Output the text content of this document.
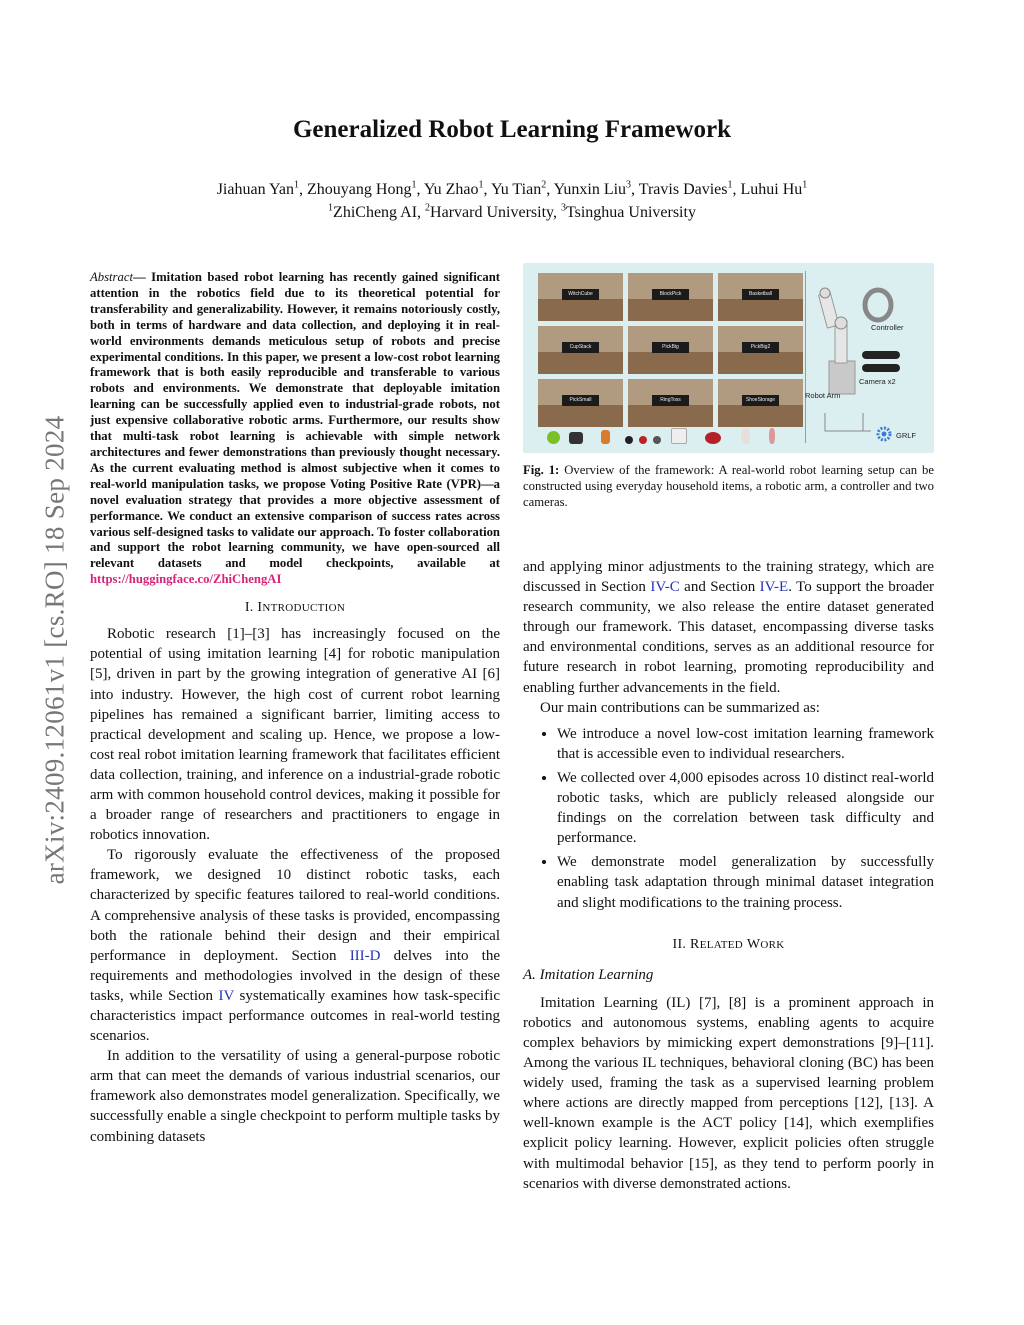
arXiv:2409.12061v1 [cs.RO] 18 Sep 2024
Generalized Robot Learning Framework
Jiahuan Yan$^1$, Zhouyang Hong$^1$, Yu Zhao$^1$, Yu Tian$^2$, Yunxin Liu$^3$, Travis Davies$^1$, Luhui Hu$^1$
$^1$ZhiCheng AI, $^2$Harvard University, $^3$Tsinghua University
Abstract— Imitation based robot learning has recently gained significant attention in the robotics field due to its theoretical potential for transferability and generalizability. However, it remains notoriously costly, both in terms of hardware and data collection, and deploying it in real-world environments demands meticulous setup of robots and precise experimental conditions. In this paper, we present a low-cost robot learning framework that is both easily reproducible and transferable to various robots and environments. We demonstrate that deployable imitation learning can be successfully applied even to industrial-grade robots, not just expensive collaborative robotic arms. Furthermore, our results show that multi-task robot learning is achievable with simple network architectures and fewer demonstrations than previously thought necessary. As the current evaluating method is almost subjective when it comes to real-world manipulation tasks, we propose Voting Positive Rate (VPR)—a novel evaluation strategy that provides a more objective assessment of performance. We conduct an extensive comparison of success rates across various self-designed tasks to validate our approach. To foster collaboration and support the robot learning community, we have open-sourced all relevant datasets and model checkpoints, available at https://huggingface.co/ZhiChengAI
I. INTRODUCTION

Robotic research [1]–[3] has increasingly focused on the potential of using imitation learning [4] for robotic manipulation [5], driven in part by the growing integration of generative AI [6] into industry. However, the high cost of current robot learning pipelines has remained a significant barrier, limiting access to practical development and scaling up. Hence, we propose a low-cost real robot imitation learning framework that facilitates efficient data collection, training, and inference on a industrial-grade robotic arm with common household control devices, making it possible for a broader range of researchers and practitioners to engage in robotics innovation.

To rigorously evaluate the effectiveness of the proposed framework, we designed 10 distinct robotic tasks, each characterized by specific features tailored to real-world conditions. A comprehensive analysis of these tasks is provided, encompassing both the rationale behind their design and their empirical performance in deployment. Section III-D delves into the requirements and methodologies involved in the design of these tasks, while Section IV systematically examines how task-specific characteristics impact performance outcomes in real-world testing scenarios.

In addition to the versatility of using a general-purpose robotic arm that can meet the demands of various industrial scenarios, our framework also demonstrates model generalization. Specifically, we successfully enable a single checkpoint to perform multiple tasks by combining datasets

WitchCube	BlockPick	Basketball
CupStack	PickBig	PickBig2
PickSmall	RingToss	ShoeStorage
Robot Arm
Controller
Camera x2
GRLF
Fig. 1: Overview of the framework: A real-world robot learning setup can be constructed using everyday household items, a robotic arm, a controller and two cameras.

and applying minor adjustments to the training strategy, which are discussed in Section IV-C and Section IV-E. To support the broader research community, we also release the entire dataset generated through our framework. This dataset, encompassing diverse tasks and environmental conditions, serves as an additional resource for future research in robot learning, promoting reproducibility and enabling further advancements in the field.

Our main contributions can be summarized as:

• We introduce a novel low-cost imitation learning framework that is accessible even to individual researchers.
• We collected over 4,000 episodes across 10 distinct real-world robotic tasks, which are publicly released alongside our findings on the correlation between task difficulty and performance.
• We demonstrate model generalization by successfully enabling task adaptation through minimal dataset integration and slight modifications to the training process.
II. RELATED WORK
A. Imitation Learning

Imitation Learning (IL) [7], [8] is a prominent approach in robotics and autonomous systems, enabling agents to acquire complex behaviors by mimicking expert demonstrations [9]–[11]. Among the various IL techniques, behavioral cloning (BC) has been widely used, framing the task as a supervised learning problem where actions are directly mapped from perceptions [12], [13]. A well-known example is the ACT policy [14], which exemplifies explicit policy learning. However, explicit policies often struggle with multimodal behavior [15], as they tend to perform poorly in scenarios with diverse demonstrated actions.
